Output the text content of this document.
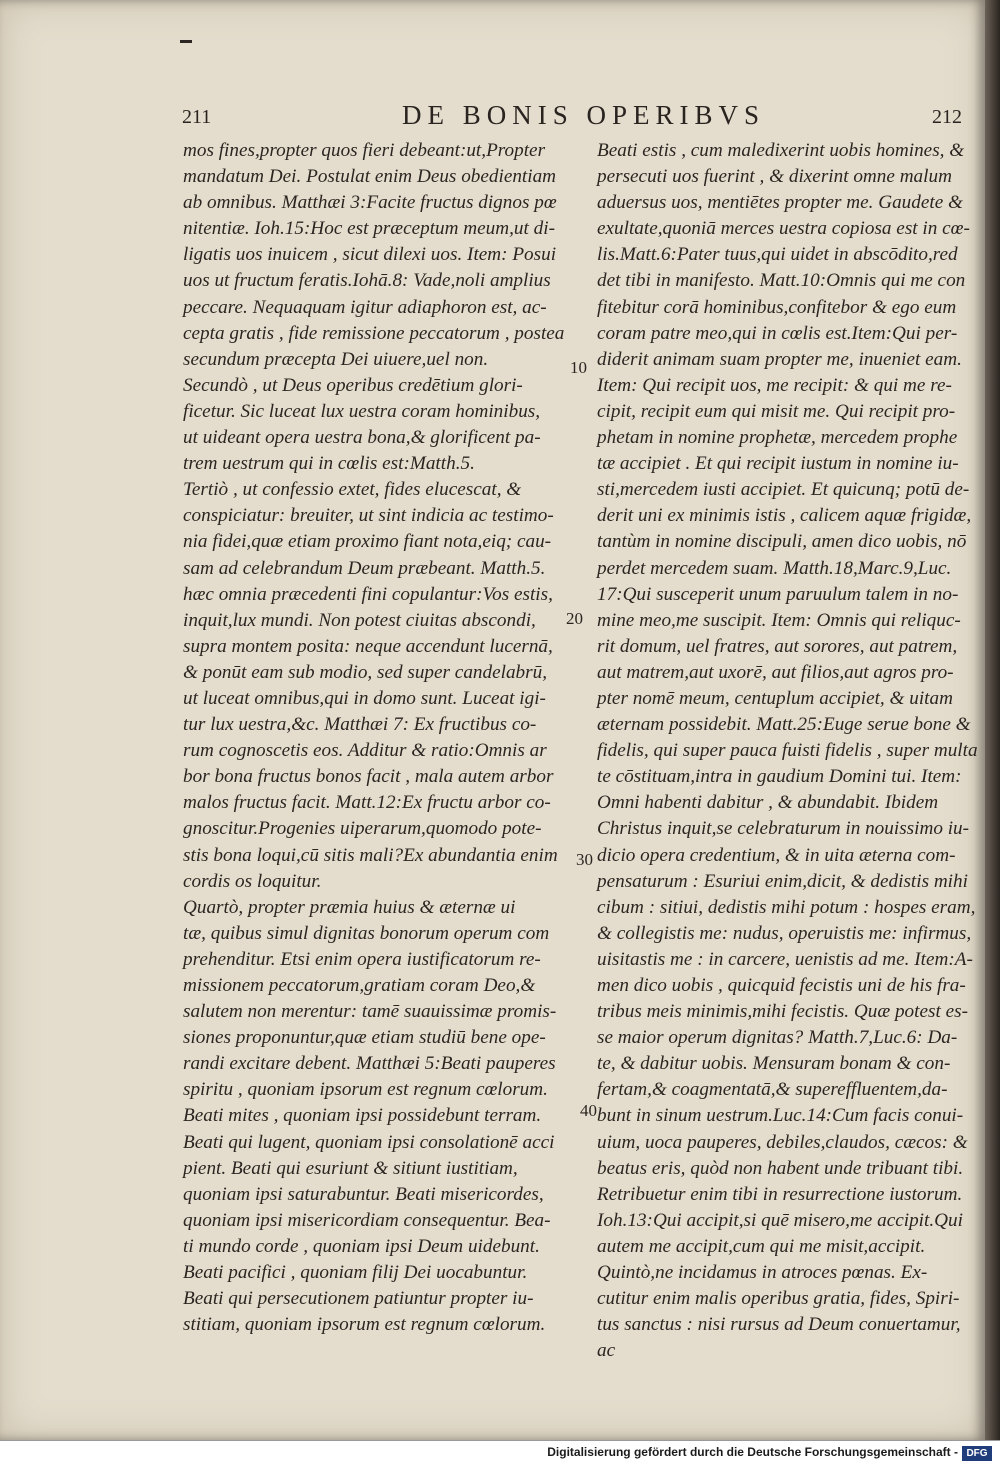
211	DE BONIS OPERIBVS	212
mos fines,propter quos fieri debeant:ut,Propter
mandatum Dei. Postulat enim Deus obedientiam
ab omnibus. Matthæi 3:Facite fructus dignos pœ
nitentiæ. Ioh.15:Hoc est præceptum meum,ut di-
ligatis uos inuicem , sicut dilexi uos. Item: Posui
uos ut fructum feratis.Iohā.8: Vade,noli amplius
peccare. Nequaquam igitur adiaphoron est, ac-
cepta gratis , fide remissione peccatorum , postea
secundum præcepta Dei uiuere,uel non.
Secundò , ut Deus operibus credētium glori-
ficetur. Sic luceat lux uestra coram hominibus,
ut uideant opera uestra bona,& glorificent pa-
trem uestrum qui in cœlis est:Matth.5.
Tertiò , ut confessio extet, fides elucescat, &
conspiciatur: breuiter, ut sint indicia ac testimo-
nia fidei,quæ etiam proximo fiant nota,eiq; cau-
sam ad celebrandum Deum præbeant. Matth.5.
hæc omnia præcedenti fini copulantur:Vos estis,
inquit,lux mundi. Non potest ciuitas abscondi,
supra montem posita: neque accendunt lucernā,
& ponūt eam sub modio, sed super candelabrū,
ut luceat omnibus,qui in domo sunt. Luceat igi-
tur lux uestra,&c. Matthæi 7: Ex fructibus co-
rum cognoscetis eos. Additur & ratio:Omnis ar
bor bona fructus bonos facit , mala autem arbor
malos fructus facit. Matt.12:Ex fructu arbor co-
gnoscitur.Progenies uiperarum,quomodo pote-
stis bona loqui,cū sitis mali?Ex abundantia enim
cordis os loquitur.
Quartò, propter præmia huius & æternæ ui
tæ, quibus simul dignitas bonorum operum com
prehenditur. Etsi enim opera iustificatorum re-
missionem peccatorum,gratiam coram Deo,&
salutem non merentur: tamē suauissimæ promis-
siones proponuntur,quæ etiam studiū bene ope-
randi excitare debent. Matthæi 5:Beati pauperes
spiritu , quoniam ipsorum est regnum cœlorum.
Beati mites , quoniam ipsi possidebunt terram.
Beati qui lugent, quoniam ipsi consolationē acci
pient. Beati qui esuriunt & sitiunt iustitiam,
quoniam ipsi saturabuntur. Beati misericordes,
quoniam ipsi misericordiam consequentur. Bea-
ti mundo corde , quoniam ipsi Deum uidebunt.
Beati pacifici , quoniam filij Dei uocabuntur.
Beati qui persecutionem patiuntur propter iu-
stitiam, quoniam ipsorum est regnum cœlorum.
Beati estis , cum maledixerint uobis homines, &
persecuti uos fuerint , & dixerint omne malum
aduersus uos, mentiētes propter me. Gaudete &
exultate,quoniā merces uestra copiosa est in cœ-
lis.Matt.6:Pater tuus,qui uidet in abscōdito,red
det tibi in manifesto. Matt.10:Omnis qui me con
fitebitur corā hominibus,confitebor & ego eum
coram patre meo,qui in cœlis est.Item:Qui per-
diderit animam suam propter me, inueniet eam.
Item: Qui recipit uos, me recipit: & qui me re-
cipit, recipit eum qui misit me. Qui recipit pro-
phetam in nomine prophetæ, mercedem prophe
tæ accipiet . Et qui recipit iustum in nomine iu-
sti,mercedem iusti accipiet. Et quicunq; potū de-
derit uni ex minimis istis , calicem aquæ frigidæ,
tantùm in nomine discipuli, amen dico uobis, nō
perdet mercedem suam. Matth.18,Marc.9,Luc.
17:Qui susceperit unum paruulum talem in no-
mine meo,me suscipit. Item: Omnis qui reliquc-
rit domum, uel fratres, aut sorores, aut patrem,
aut matrem,aut uxorē, aut filios,aut agros pro-
pter nomē meum, centuplum accipiet, & uitam
æternam possidebit. Matt.25:Euge serue bone &
fidelis, qui super pauca fuisti fidelis , super multa
te cōstituam,intra in gaudium Domini tui. Item:
Omni habenti dabitur , & abundabit. Ibidem
Christus inquit,se celebraturum in nouissimo iu-
dicio opera credentium, & in uita æterna com-
pensaturum : Esuriui enim,dicit, & dedistis mihi
cibum : sitiui, dedistis mihi potum : hospes eram,
& collegistis me: nudus, operuistis me: infirmus,
uisitastis me : in carcere, uenistis ad me. Item:A-
men dico uobis , quicquid fecistis uni de his fra-
tribus meis minimis,mihi fecistis. Quæ potest es-
se maior operum dignitas? Matth.7,Luc.6: Da-
te, & dabitur uobis. Mensuram bonam & con-
fertam,& coagmentatā,& supereffluentem,da-
bunt in sinum uestrum.Luc.14:Cum facis conui-
uium, uoca pauperes, debiles,claudos, cæcos: &
beatus eris, quòd non habent unde tribuant tibi.
Retribuetur enim tibi in resurrectione iustorum.
Ioh.13:Qui accipit,si quē misero,me accipit.Qui
autem me accipit,cum qui me misit,accipit.
Quintò,ne incidamus in atroces pœnas. Ex-
cutitur enim malis operibus gratia, fides, Spiri-
tus sanctus : nisi rursus ad Deum conuertamur,
ac
10
20
30
40
Digitalisierung gefördert durch die Deutsche Forschungsgemeinschaft - DFG
